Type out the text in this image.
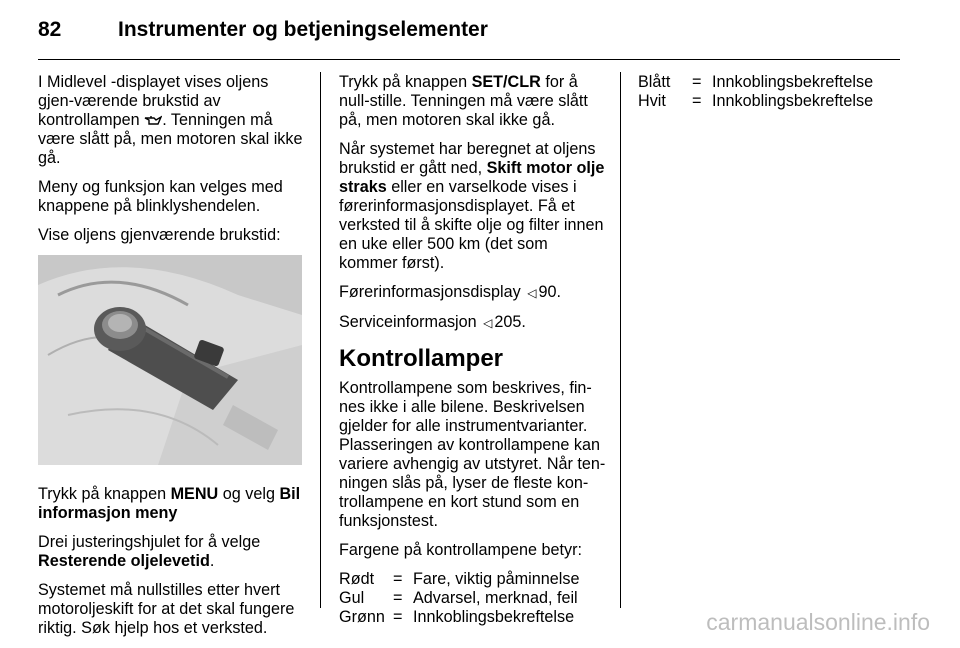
82	Instrumenter og betjeningselementer

I Midlevel -displayet vises oljens gjen-værende brukstid av kontrollampen . Tenningen må være slått på, men motoren skal ikke gå.

Meny og funksjon kan velges med knappene på blinklyshendelen.

Vise oljens gjenværende brukstid:

Trykk på knappen MENU og velg Bil informasjon meny

Drei justeringshjulet for å velge Resterende oljelevetid.

Systemet må nullstilles etter hvert motoroljeskift for at det skal fungere riktig. Søk hjelp hos et verksted.

Trykk på knappen SET/CLR for å null-stille. Tenningen må være slått på, men motoren skal ikke gå.

Når systemet har beregnet at oljens brukstid er gått ned, Skift motor olje straks eller en varselkode vises i førerinformasjonsdisplayet. Få et verksted til å skifte olje og filter innen en uke eller 500 km (det som kommer først).

Førerinformasjonsdisplay ◁ 90.

Serviceinformasjon ◁ 205.

Kontrollamper

Kontrollampene som beskrives, fin-nes ikke i alle bilene. Beskrivelsen gjelder for alle instrumentvarianter. Plasseringen av kontrollampene kan variere avhengig av utstyret. Når ten-ningen slås på, lyser de fleste kon-trollampene en kort stund som en funksjonstest.

Fargene på kontrollampene betyr:

Rødt	= Fare, viktig påminnelse
Gul	= Advarsel, merknad, feil
Grønn = Innkoblingsbekreftelse
Blått	= Innkoblingsbekreftelse
Hvit	= Innkoblingsbekreftelse
carmanualsonline.info
